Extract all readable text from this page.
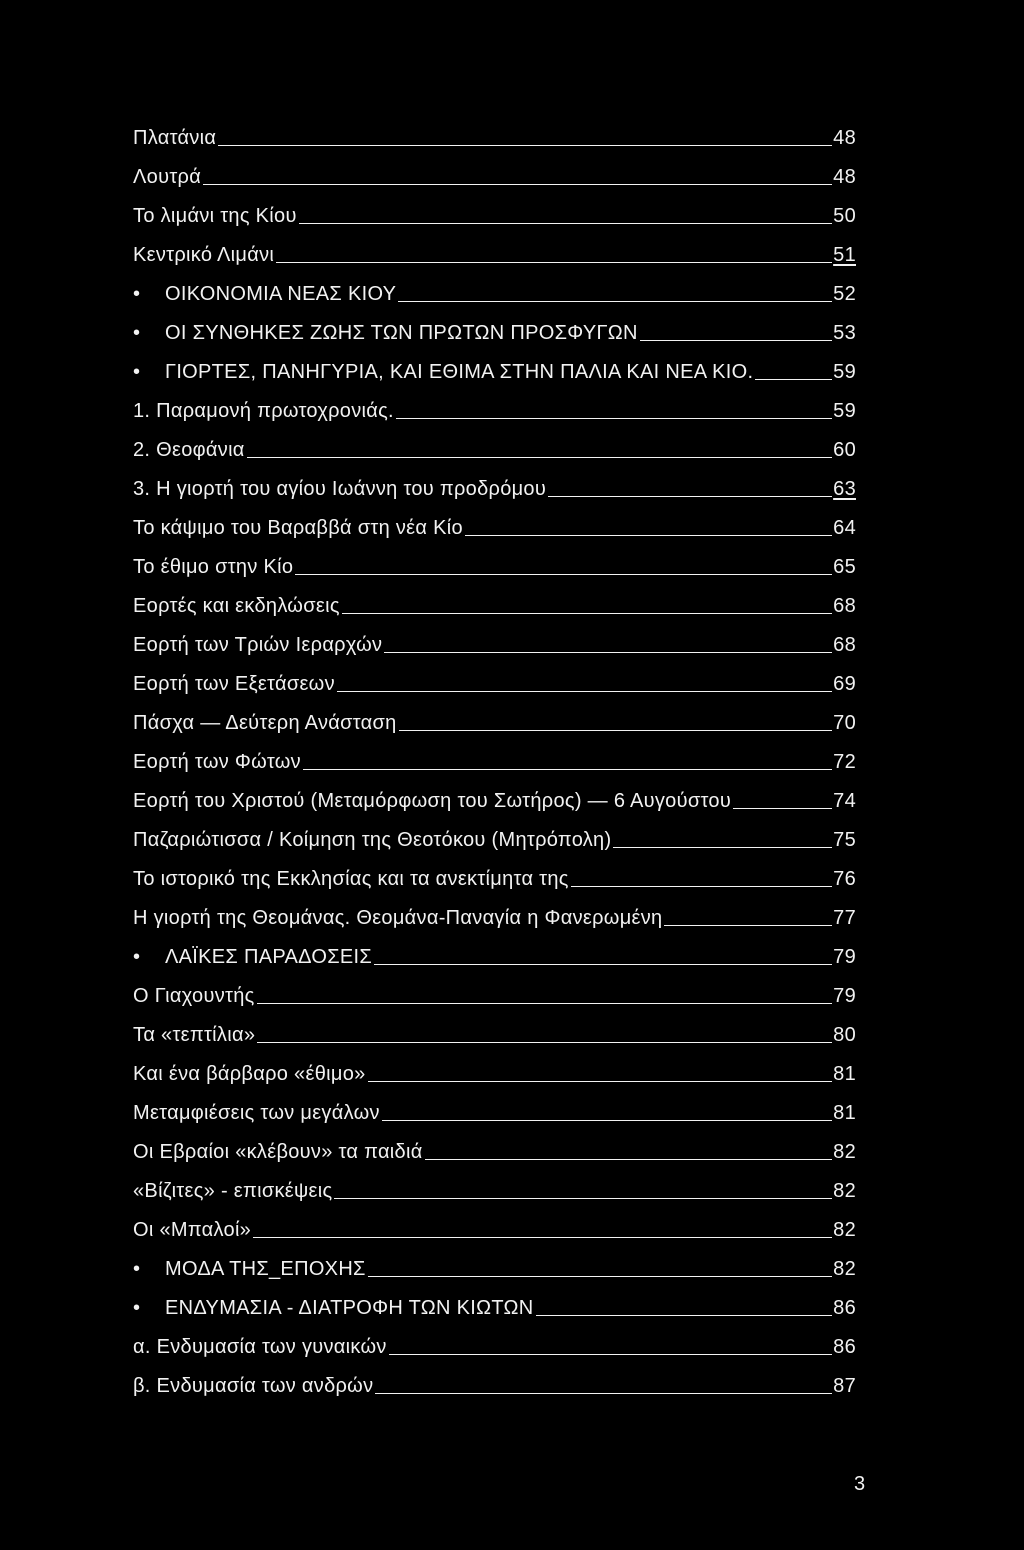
Πλατάνια	48
Λουτρά	48
Το λιμάνι της Κίου	50
Κεντρικό Λιμάνι	51
•	ΟΙΚΟΝΟΜΙΑ ΝΕΑΣ ΚΙΟΥ	52
•	ΟΙ ΣΥΝΘΗΚΕΣ ΖΩΗΣ ΤΩΝ ΠΡΩΤΩΝ ΠΡΟΣΦΥΓΩΝ	53
•	ΓΙΟΡΤΕΣ, ΠΑΝΗΓΥΡΙΑ, ΚΑΙ ΕΘΙΜΑ ΣΤΗΝ ΠΑΛΙΑ ΚΑΙ ΝΕΑ ΚΙΟ.	59
1. Παραμονή πρωτοχρονιάς.	59
2. Θεοφάνια	60
3. Η γιορτή του αγίου Ιωάννη του προδρόμου	63
Το κάψιμο του Βαραββά στη νέα Κίο	64
Το έθιμο στην Κίο	65
Εορτές και εκδηλώσεις	68
Εορτή των Τριών Ιεραρχών	68
Εορτή των Εξετάσεων	69
Πάσχα — Δεύτερη Ανάσταση	70
Εορτή των Φώτων	72
Εορτή του Χριστού (Μεταμόρφωση του Σωτήρος) — 6 Αυγούστου	74
Παζαριώτισσα / Κοίμηση της Θεοτόκου (Μητρόπολη)	75
Το ιστορικό της Εκκλησίας και τα ανεκτίμητα της	76
Η γιορτή της Θεομάνας. Θεομάνα-Παναγία η Φανερωμένη	77
•	ΛΑΪΚΕΣ ΠΑΡΑΔΟΣΕΙΣ	79
Ο Γιαχουντής	79
Τα «τεπτίλια»	80
Και ένα βάρβαρο «έθιμο»	81
Μεταμφιέσεις των μεγάλων	81
Οι Εβραίοι «κλέβουν» τα παιδιά	82
«Βίζιτες» - επισκέψεις	82
Οι «Μπαλοί»	82
•	ΜΟΔΑ ΤΗΣ_ΕΠΟΧΗΣ	82
•	ΕΝΔΥΜΑΣΙΑ - ΔΙΑΤΡΟΦΗ ΤΩΝ ΚΙΩΤΩΝ	86
α. Ενδυμασία των γυναικών	86
β. Ενδυμασία των ανδρών	87
3
